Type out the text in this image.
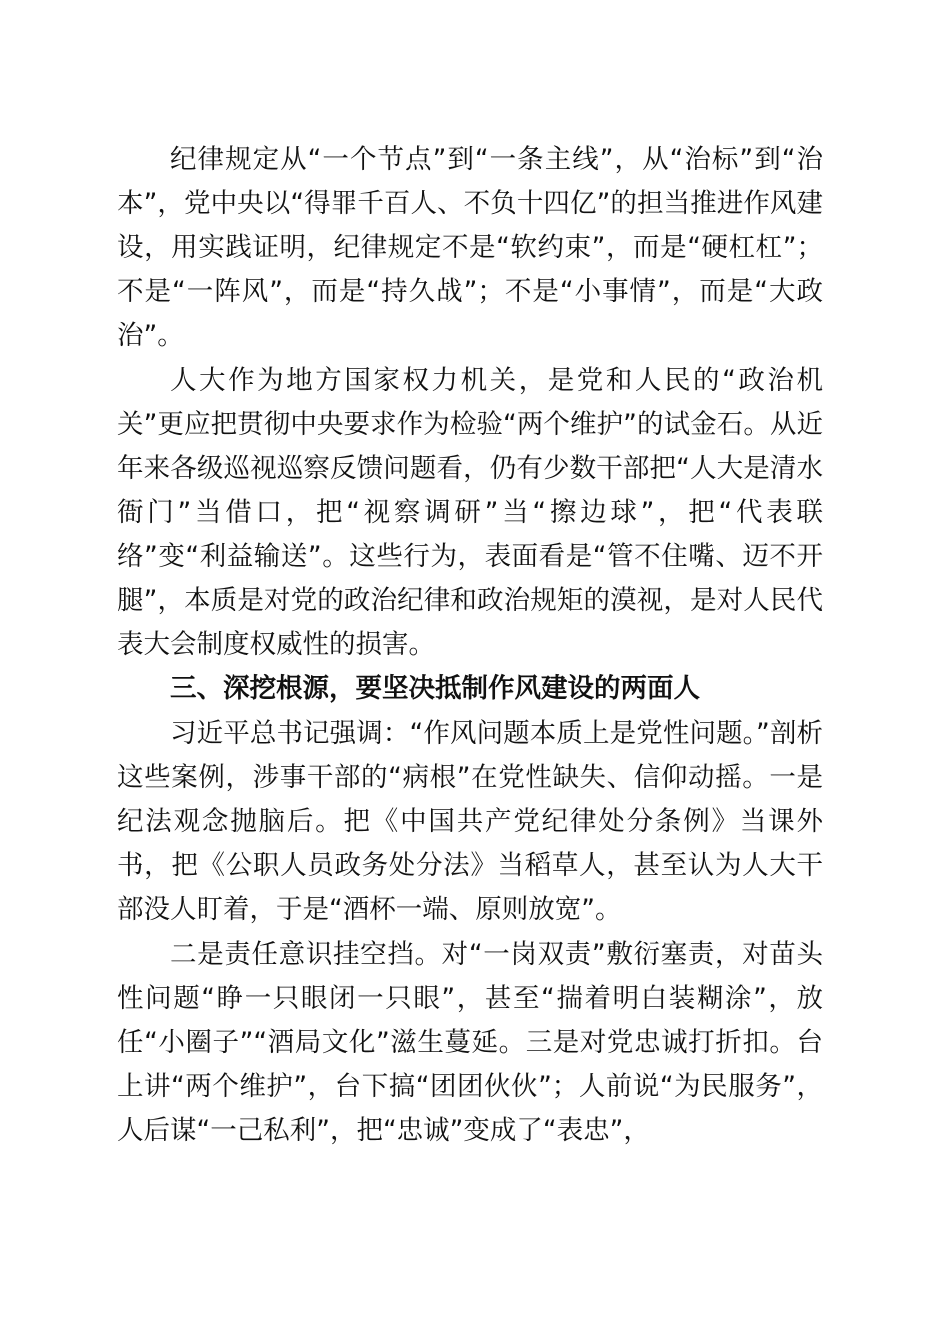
纪律规定从“一个节点”到“一条主线”，从“治标”到“治本”，党中央以“得罪千百人、不负十四亿”的担当推进作风建设，用实践证明，纪律规定不是“软约束”，而是“硬杠杠”；不是“一阵风”，而是“持久战”；不是“小事情”，而是“大政治”。

人大作为地方国家权力机关，是党和人民的“政治机关”更应把贯彻中央要求作为检验“两个维护”的试金石。从近年来各级巡视巡察反馈问题看，仍有少数干部把“人大是清水衙门”当借口，把“视察调研”当“擦边球”，把“代表联络”变“利益输送”。这些行为，表面看是“管不住嘴、迈不开腿”，本质是对党的政治纪律和政治规矩的漠视，是对人民代表大会制度权威性的损害。

三、深挖根源，要坚决抵制作风建设的两面人

习近平总书记强调：“作风问题本质上是党性问题。”剖析这些案例，涉事干部的“病根”在党性缺失、信仰动摇。一是纪法观念抛脑后。把《中国共产党纪律处分条例》当课外书，把《公职人员政务处分法》当稻草人，甚至认为人大干部没人盯着，于是“酒杯一端、原则放宽”。

二是责任意识挂空挡。对“一岗双责”敷衍塞责，对苗头性问题“睁一只眼闭一只眼”，甚至“揣着明白装糊涂”，放任“小圈子”“酒局文化”滋生蔓延。三是对党忠诚打折扣。台上讲“两个维护”，台下搞“团团伙伙”；人前说“为民服务”，人后谋“一己私利”，把“忠诚”变成了“表忠”，
